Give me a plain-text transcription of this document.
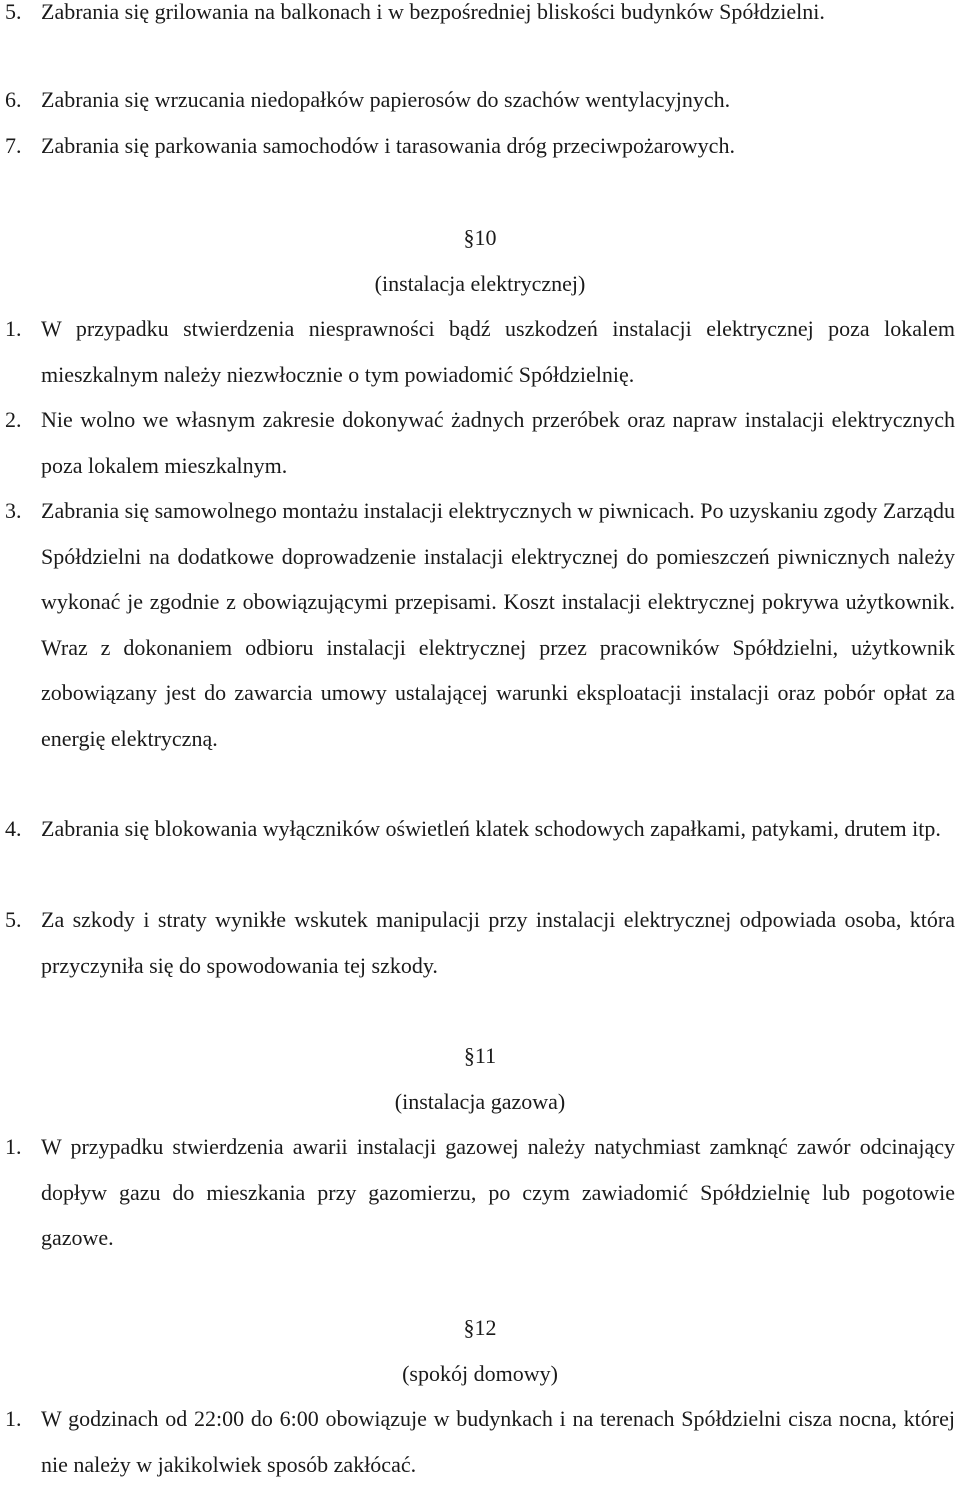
5. Zabrania się grilowania na balkonach i w bezpośredniej bliskości budynków Spółdzielni.

6. Zabrania się wrzucania niedopałków papierosów do szachów wentylacyjnych.

7. Zabrania się parkowania samochodów i tarasowania dróg przeciwpożarowych.

§10
(instalacja elektrycznej)

1. W przypadku stwierdzenia niesprawności bądź uszkodzeń instalacji elektrycznej poza lokalem mieszkalnym należy niezwłocznie o tym powiadomić Spółdzielnię.

2. Nie wolno we własnym zakresie dokonywać żadnych przeróbek oraz napraw instalacji elektrycznych poza lokalem mieszkalnym.

3. Zabrania się samowolnego montażu instalacji elektrycznych w piwnicach. Po uzyskaniu zgody Zarządu Spółdzielni na dodatkowe doprowadzenie instalacji elektrycznej do pomieszczeń piwnicznych należy wykonać je zgodnie z obowiązującymi przepisami. Koszt instalacji elektrycznej pokrywa użytkownik. Wraz z dokonaniem odbioru instalacji elektrycznej przez pracowników Spółdzielni, użytkownik zobowiązany jest do zawarcia umowy ustalającej warunki eksploatacji instalacji oraz pobór opłat za energię elektryczną.

4. Zabrania się blokowania wyłączników oświetleń klatek schodowych zapałkami, patykami, drutem itp.

5. Za szkody i straty wynikłe wskutek manipulacji przy instalacji elektrycznej odpowiada osoba, która przyczyniła się do spowodowania tej szkody.

§11
(instalacja gazowa)

1. W przypadku stwierdzenia awarii instalacji gazowej należy natychmiast zamknąć zawór odcinający dopływ gazu do mieszkania przy gazomierzu, po czym zawiadomić Spółdzielnię lub pogotowie gazowe.

§12
(spokój domowy)

1. W godzinach od 22:00 do 6:00 obowiązuje w budynkach i na terenach Spółdzielni cisza nocna, której nie należy w jakikolwiek sposób zakłócać.
